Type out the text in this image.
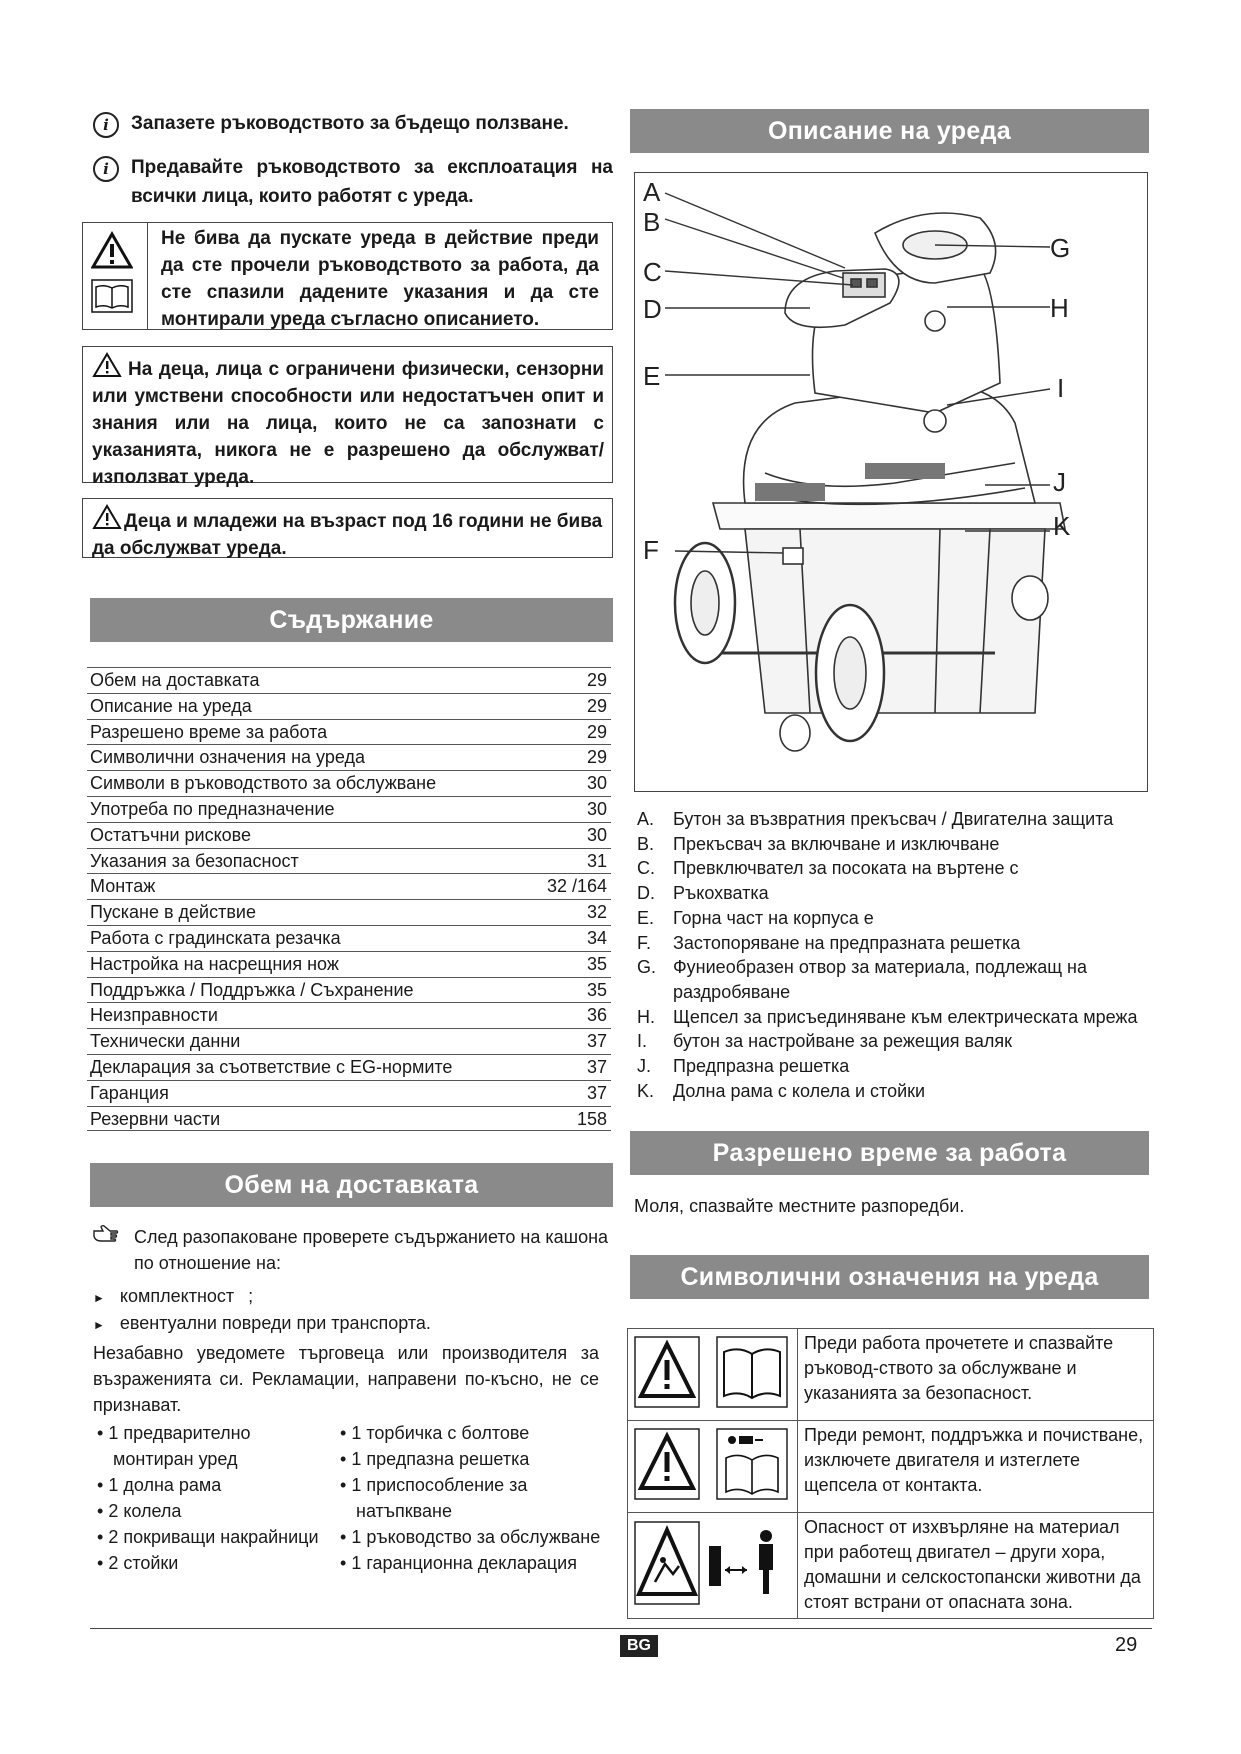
i	Запазете ръководството за бъдещо ползване.
i	Предавайте ръководството за експлоатация на всички лица, които работят с уреда.
Не бива да пускате уреда в действие преди да сте прочели ръководството за работа, да сте спазили дадените указания и да сте монтирали уреда съгласно описанието.
На деца, лица с ограничени физически, сензорни или умствени способности или недостатъчен опит и знания или на лица, които не са запознати с указанията, никога не е разрешено да обслужват/използват уреда.
Деца и младежи на възраст под 16 години не бива да обслужват уреда.
Съдържание
Обем на доставката	29
Описание на уреда	29
Разрешено време за работа	29
Символични означения на уреда	29
Символи в ръководството за обслужване	30
Употреба по предназначение	30
Остатъчни рискове	30
Указания за безопасност	31
Монтаж	32 /164
Пускане в действие	32
Работа с градинската резачка	34
Настройка на насрещния нож	35
Поддръжка / Поддръжка / Съхранение	35
Неизправности	36
Технически данни	37
Декларация за съответствие с EG-нормите	37
Гаранция	37
Резервни части	158
Обем на доставката
След разопаковане проверете съдържанието на кашона
по отношение на:
► комплектност ;
► евентуални повреди при транспорта.
Незабавно уведомете търговеца или производителя за
възраженията си. Рекламации, направени по-късно, не се
признават.
• 1 предварително
монтиран уред
• 1 долна рама
• 2 колела
• 2 покриващи накрайници
• 2 стойки
• 1 торбичка с болтове
• 1 предпазна решетка
• 1 приспособление за
натъпкване
• 1 ръководство за обслужване
• 1 гаранционна декларация
Описание на уреда
A
B
C
D
E
F
G
H
I
J
K
A.	Бутон за възвратния прекъсвач / Двигателна защита
B.	Прекъсвач за включване и изключване
C.	Превключвател за посоката на въртене с
D.	Ръкохватка
E.	Горна част на корпуса е
F.	Застопоряване на предпразната решетка
G. Фуниеобразен отвор за материала, подлежащ на
раздробяване
H.	Щепсел за присъединяване към електрическата мрежа
I.	бутон за настройване за режещия валяк
J.	Предпразна решетка
K.	Долна рама с колела и стойки
Разрешено време за работа
Моля, спазвайте местните разпоредби.
Символични означения на уреда
	Преди работа прочетете и спазвайте ръковод-ството за обслужване и указанията за безопасност.
	Преди ремонт, поддръжка и почистване, изключете двигателя и изтеглете щепсела от контакта.
	Опасност от изхвърляне на материал при работещ двигател – други хора, домашни и селскостопански животни да стоят встрани от опасната зона.
BG	29
